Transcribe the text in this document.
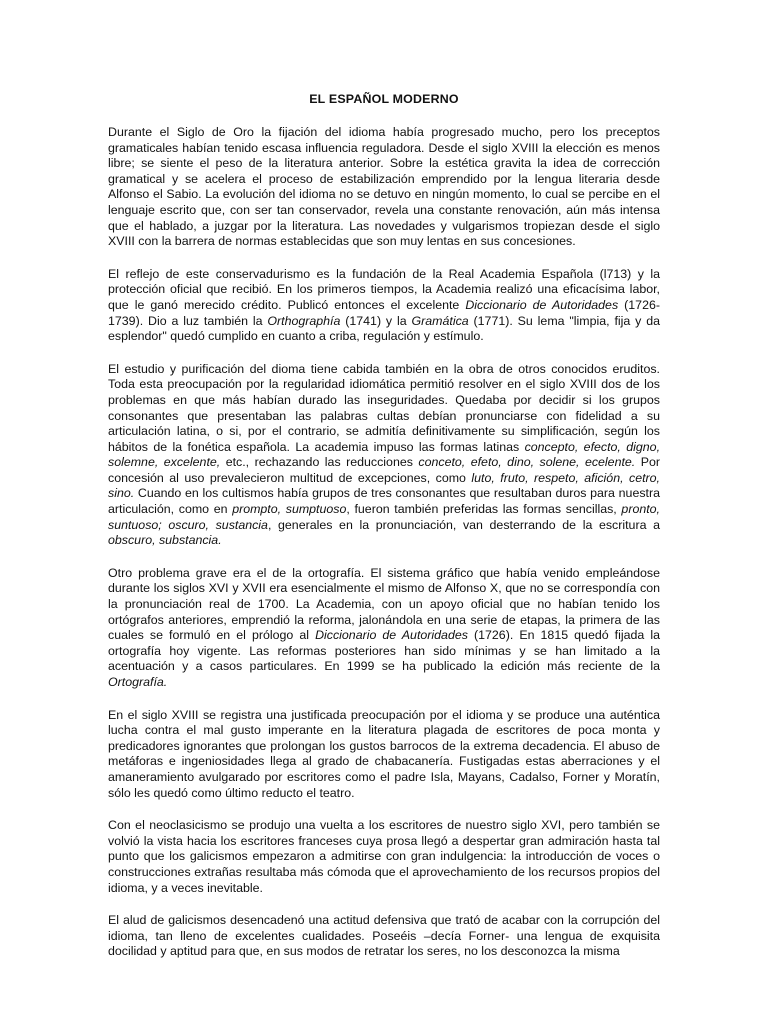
EL ESPAÑOL MODERNO

Durante el Siglo de Oro la fijación del idioma había progresado mucho, pero los preceptos gramaticales habían tenido escasa influencia reguladora. Desde el siglo XVIII la elección es menos libre; se siente el peso de la literatura anterior. Sobre la estética gravita la idea de corrección gramatical y se acelera el proceso de estabilización emprendido por la lengua literaria desde Alfonso el Sabio. La evolución del idioma no se detuvo en ningún momento, lo cual se percibe en el lenguaje escrito que, con ser tan conservador, revela una constante renovación, aún más intensa que el hablado, a juzgar por la literatura. Las novedades y vulgarismos tropiezan desde el siglo XVIII con la barrera de normas establecidas que son muy lentas en sus concesiones.

El reflejo de este conservadurismo es la fundación de la Real Academia Española (l713) y la protección oficial que recibió. En los primeros tiempos, la Academia realizó una eficacísima labor, que le ganó merecido crédito. Publicó entonces el excelente Diccionario de Autoridades (1726-1739). Dio a luz también la Orthographía (1741) y la Gramática (1771). Su lema "limpia, fija y da esplendor" quedó cumplido en cuanto a criba, regulación y estímulo.

El estudio y purificación del dioma tiene cabida también en la obra de otros conocidos eruditos. Toda esta preocupación por la regularidad idiomática permitió resolver en el siglo XVIII dos de los problemas en que más habían durado las inseguridades. Quedaba por decidir si los grupos consonantes que presentaban las palabras cultas debían pronunciarse con fidelidad a su articulación latina, o si, por el contrario, se admitía definitivamente su simplificación, según los hábitos de la fonética española. La academia impuso las formas latinas concepto, efecto, digno, solemne, excelente, etc., rechazando las reducciones conceto, efeto, dino, solene, ecelente. Por concesión al uso prevalecieron multitud de excepciones, como luto, fruto, respeto, afición, cetro, sino. Cuando en los cultismos había grupos de tres consonantes que resultaban duros para nuestra articulación, como en prompto, sumptuoso, fueron también preferidas las formas sencillas, pronto, suntuoso; oscuro, sustancia, generales en la pronunciación, van desterrando de la escritura a obscuro, substancia.

Otro problema grave era el de la ortografía. El sistema gráfico que había venido empleándose durante los siglos XVI y XVII era esencialmente el mismo de Alfonso X, que no se correspondía con la pronunciación real de 1700. La Academia, con un apoyo oficial que no habían tenido los ortógrafos anteriores, emprendió la reforma, jalonándola en una serie de etapas, la primera de las cuales se formuló en el prólogo al Diccionario de Autoridades (1726). En 1815 quedó fijada la ortografía hoy vigente. Las reformas posteriores han sido mínimas y se han limitado a la acentuación y a casos particulares. En 1999 se ha publicado la edición más reciente de la Ortografía.

En el siglo XVIII se registra una justificada preocupación por el idioma y se produce una auténtica lucha contra el mal gusto imperante en la literatura plagada de escritores de poca monta y predicadores ignorantes que prolongan los gustos barrocos de la extrema decadencia. El abuso de metáforas e ingeniosidades llega al grado de chabacanería. Fustigadas estas aberraciones y el amaneramiento avulgarado por escritores como el padre Isla, Mayans, Cadalso, Forner y Moratín, sólo les quedó como último reducto el teatro.

Con el neoclasicismo se produjo una vuelta a los escritores de nuestro siglo XVI, pero también se volvió la vista hacia los escritores franceses cuya prosa llegó a despertar gran admiración hasta tal punto que los galicismos empezaron a admitirse con gran indulgencia: la introducción de voces o construcciones extrañas resultaba más cómoda que el aprovechamiento de los recursos propios del idioma, y a veces inevitable.

El alud de galicismos desencadenó una actitud defensiva que trató de acabar con la corrupción del idioma, tan lleno de excelentes cualidades. Poseéis –decía Forner- una lengua de exquisita docilidad y aptitud para que, en sus modos de retratar los seres, no los desconozca la misma
